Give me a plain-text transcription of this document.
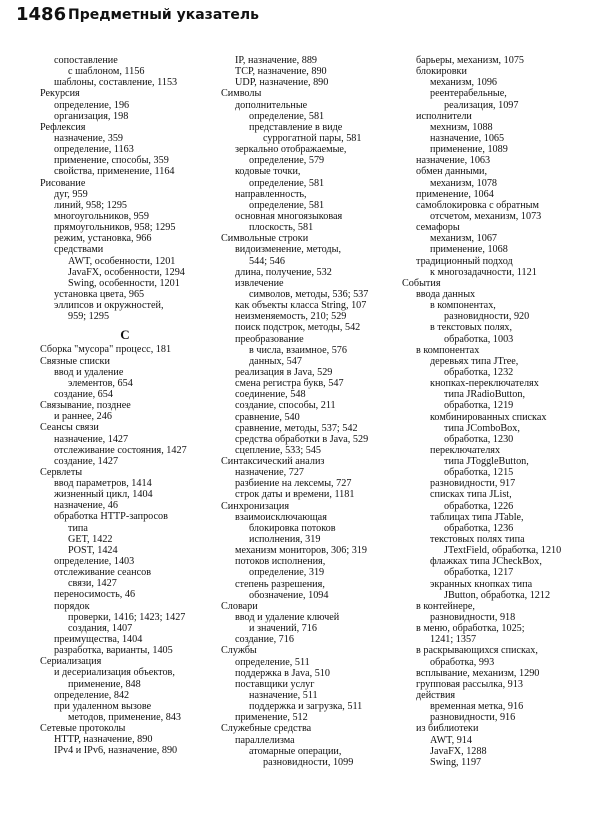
1486 Предметный указатель
сопоставление
с шаблоном, 1156
шаблоны, составление, 1153
Рекурсия
определение, 196
организация, 198
Рефлексия
назначение, 359
определение, 1163
применение, способы, 359
свойства, применение, 1164
Рисование
дуг, 959
линий, 958; 1295
многоугольников, 959
прямоугольников, 958; 1295
режим, установка, 966
средствами
AWT, особенности, 1201
JavaFX, особенности, 1294
Swing, особенности, 1201
установка цвета, 965
эллипсов и окружностей,
959; 1295
С
Сборка "мусора" процесс, 181
Связные списки
ввод и удаление
элементов, 654
создание, 654
Связывание, позднее
и раннее, 246
Сеансы связи
назначение, 1427
отслеживание состояния, 1427
создание, 1427
Сервлеты
ввод параметров, 1414
жизненный цикл, 1404
назначение, 46
обработка HTTP-запросов
типа
GET, 1422
POST, 1424
определение, 1403
отслеживание сеансов
связи, 1427
переносимость, 46
порядок
проверки, 1416; 1423; 1427
создания, 1407
преимущества, 1404
разработка, варианты, 1405
Сериализация
и десериализация объектов,
применение, 848
определение, 842
при удаленном вызове
методов, применение, 843
Сетевые протоколы
HTTP, назначение, 890
IPv4 и IPv6, назначение, 890
IP, назначение, 889
TCP, назначение, 890
UDP, назначение, 890
Символы
дополнительные
определение, 581
представление в виде
суррогатной пары, 581
зеркально отображаемые,
определение, 579
кодовые точки,
определение, 581
направленность,
определение, 581
основная многоязыковая
плоскость, 581
Символьные строки
видоизменение, методы,
544; 546
длина, получение, 532
извлечение
символов, методы, 536; 537
как объекты класса String, 107
неизменяемость, 210; 529
поиск подстрок, методы, 542
преобразование
в числа, взаимное, 576
данных, 547
реализация в Java, 529
смена регистра букв, 547
соединение, 548
создание, способы, 211
сравнение, 540
сравнение, методы, 537; 542
средства обработки в Java, 529
сцепление, 533; 545
Синтаксический анализ
назначение, 727
разбиение на лексемы, 727
строк даты и времени, 1181
Синхронизация
взаимоисключающая
блокировка потоков
исполнения, 319
механизм мониторов, 306; 319
потоков исполнения,
определение, 319
степень разрешения,
обозначение, 1094
Словари
ввод и удаление ключей
и значений, 716
создание, 716
Службы
определение, 511
поддержка в Java, 510
поставщики услуг
назначение, 511
поддержка и загрузка, 511
применение, 512
Служебные средства
параллелизма
атомарные операции,
разновидности, 1099
барьеры, механизм, 1075
блокировки
механизм, 1096
реентерабельные,
реализация, 1097
исполнители
мехнизм, 1088
назначение, 1065
применение, 1089
назначение, 1063
обмен данными,
механизм, 1078
применение, 1064
самоблокировка с обратным
отсчетом, механизм, 1073
семафоры
механизм, 1067
применение, 1068
традиционный подход
к многозадачности, 1121
События
ввода данных
в компонентах,
разновидности, 920
в текстовых полях,
обработка, 1003
в компонентах
деревьях типа JTree,
обработка, 1232
кнопках-переключателях
типа JRadioButton,
обработка, 1219
комбинированных списках
типа JComboBox,
обработка, 1230
переключателях
типа JToggleButton,
обработка, 1215
разновидности, 917
списках типа JList,
обработка, 1226
таблицах типа JTable,
обработка, 1236
текстовых полях типа
JTextField, обработка, 1210
флажках типа JCheckBox,
обработка, 1217
экранных кнопках типа
JButton, обработка, 1212
в контейнере,
разновидности, 918
в меню, обработка, 1025;
1241; 1357
в раскрывающихся списках,
обработка, 993
всплывание, механизм, 1290
групповая рассылка, 913
действия
временная метка, 916
разновидности, 916
из библиотеки
AWT, 914
JavaFX, 1288
Swing, 1197
